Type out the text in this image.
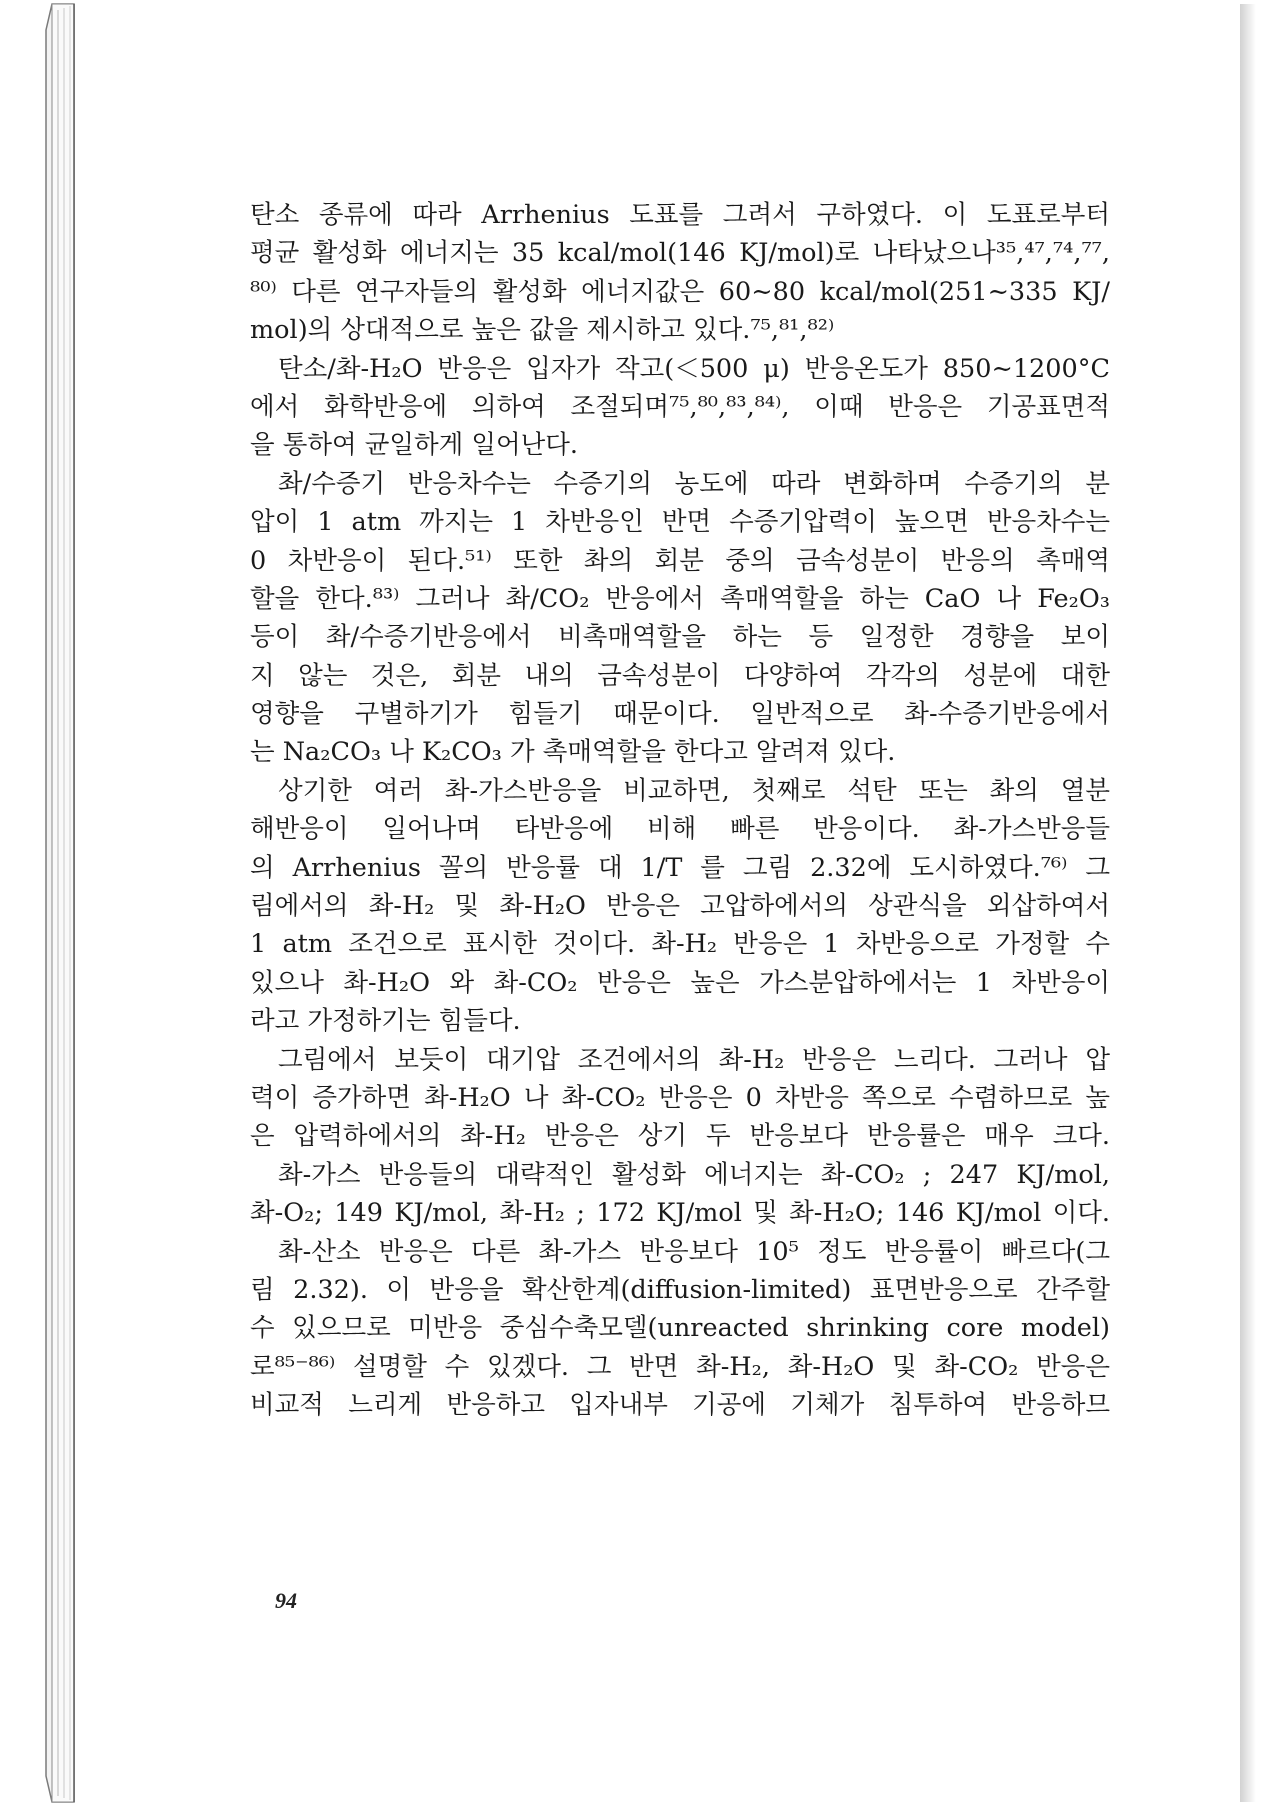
탄소 종류에 따라 Arrhenius 도표를 그려서 구하였다. 이 도표로부터
평균 활성화 에너지는 35 kcal/mol(146 KJ/mol)로 나타났으나³⁵,⁴⁷,⁷⁴,⁷⁷,
⁸⁰⁾ 다른 연구자들의 활성화 에너지값은 60∼80 kcal/mol(251∼335 KJ/
mol)의 상대적으로 높은 값을 제시하고 있다.⁷⁵,⁸¹,⁸²⁾
탄소/촤-H₂O 반응은 입자가 작고(＜500 μ) 반응온도가 850∼1200°C
에서 화학반응에 의하여 조절되며⁷⁵,⁸⁰,⁸³,⁸⁴⁾, 이때 반응은 기공표면적
을 통하여 균일하게 일어난다.
촤/수증기 반응차수는 수증기의 농도에 따라 변화하며 수증기의 분
압이 1 atm 까지는 1 차반응인 반면 수증기압력이 높으면 반응차수는
0 차반응이 된다.⁵¹⁾ 또한 촤의 회분 중의 금속성분이 반응의 촉매역
할을 한다.⁸³⁾ 그러나 촤/CO₂ 반응에서 촉매역할을 하는 CaO 나 Fe₂O₃
등이 촤/수증기반응에서 비촉매역할을 하는 등 일정한 경향을 보이
지 않는 것은, 회분 내의 금속성분이 다양하여 각각의 성분에 대한
영향을 구별하기가 힘들기 때문이다. 일반적으로 촤-수증기반응에서
는 Na₂CO₃ 나 K₂CO₃ 가 촉매역할을 한다고 알려져 있다.
상기한 여러 촤-가스반응을 비교하면, 첫째로 석탄 또는 촤의 열분
해반응이 일어나며 타반응에 비해 빠른 반응이다. 촤-가스반응들
의 Arrhenius 꼴의 반응률 대 1/T 를 그림 2.32에 도시하였다.⁷⁶⁾ 그
림에서의 촤-H₂ 및 촤-H₂O 반응은 고압하에서의 상관식을 외삽하여서
1 atm 조건으로 표시한 것이다. 촤-H₂ 반응은 1 차반응으로 가정할 수
있으나 촤-H₂O 와 촤-CO₂ 반응은 높은 가스분압하에서는 1 차반응이
라고 가정하기는 힘들다.
그림에서 보듯이 대기압 조건에서의 촤-H₂ 반응은 느리다. 그러나 압
력이 증가하면 촤-H₂O 나 촤-CO₂ 반응은 0 차반응 쪽으로 수렴하므로 높
은 압력하에서의 촤-H₂ 반응은 상기 두 반응보다 반응률은 매우 크다.
촤-가스 반응들의 대략적인 활성화 에너지는 촤-CO₂ ; 247 KJ/mol,
촤-O₂; 149 KJ/mol, 촤-H₂ ; 172 KJ/mol 및 촤-H₂O; 146 KJ/mol 이다.
촤-산소 반응은 다른 촤-가스 반응보다 10⁵ 정도 반응률이 빠르다(그
림 2.32). 이 반응을 확산한계(diffusion-limited) 표면반응으로 간주할
수 있으므로 미반응 중심수축모델(unreacted shrinking core model)
로⁸⁵⁻⁸⁶⁾ 설명할 수 있겠다. 그 반면 촤-H₂, 촤-H₂O 및 촤-CO₂ 반응은
비교적 느리게 반응하고 입자내부 기공에 기체가 침투하여 반응하므
94
